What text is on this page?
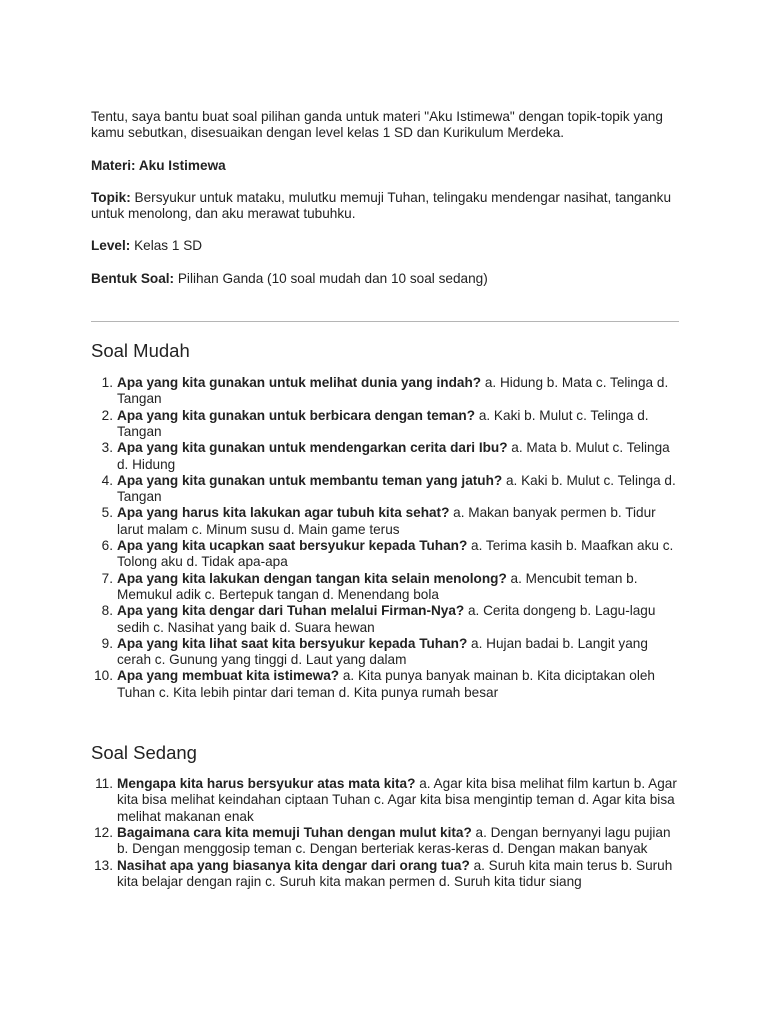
Tentu, saya bantu buat soal pilihan ganda untuk materi "Aku Istimewa" dengan topik-topik yang kamu sebutkan, disesuaikan dengan level kelas 1 SD dan Kurikulum Merdeka.

Materi: Aku Istimewa

Topik: Bersyukur untuk mataku, mulutku memuji Tuhan, telingaku mendengar nasihat, tanganku untuk menolong, dan aku merawat tubuhku.

Level: Kelas 1 SD

Bentuk Soal: Pilihan Ganda (10 soal mudah dan 10 soal sedang)

Soal Mudah
1. Apa yang kita gunakan untuk melihat dunia yang indah? a. Hidung b. Mata c. Telinga d. Tangan
2. Apa yang kita gunakan untuk berbicara dengan teman? a. Kaki b. Mulut c. Telinga d. Tangan
3. Apa yang kita gunakan untuk mendengarkan cerita dari Ibu? a. Mata b. Mulut c. Telinga d. Hidung
4. Apa yang kita gunakan untuk membantu teman yang jatuh? a. Kaki b. Mulut c. Telinga d. Tangan
5. Apa yang harus kita lakukan agar tubuh kita sehat? a. Makan banyak permen b. Tidur larut malam c. Minum susu d. Main game terus
6. Apa yang kita ucapkan saat bersyukur kepada Tuhan? a. Terima kasih b. Maafkan aku c. Tolong aku d. Tidak apa-apa
7. Apa yang kita lakukan dengan tangan kita selain menolong? a. Mencubit teman b. Memukul adik c. Bertepuk tangan d. Menendang bola
8. Apa yang kita dengar dari Tuhan melalui Firman-Nya? a. Cerita dongeng b. Lagu-lagu sedih c. Nasihat yang baik d. Suara hewan
9. Apa yang kita lihat saat kita bersyukur kepada Tuhan? a. Hujan badai b. Langit yang cerah c. Gunung yang tinggi d. Laut yang dalam
10. Apa yang membuat kita istimewa? a. Kita punya banyak mainan b. Kita diciptakan oleh Tuhan c. Kita lebih pintar dari teman d. Kita punya rumah besar
Soal Sedang
11. Mengapa kita harus bersyukur atas mata kita? a. Agar kita bisa melihat film kartun b. Agar kita bisa melihat keindahan ciptaan Tuhan c. Agar kita bisa mengintip teman d. Agar kita bisa melihat makanan enak
12. Bagaimana cara kita memuji Tuhan dengan mulut kita? a. Dengan bernyanyi lagu pujian b. Dengan menggosip teman c. Dengan berteriak keras-keras d. Dengan makan banyak
13. Nasihat apa yang biasanya kita dengar dari orang tua? a. Suruh kita main terus b. Suruh kita belajar dengan rajin c. Suruh kita makan permen d. Suruh kita tidur siang
